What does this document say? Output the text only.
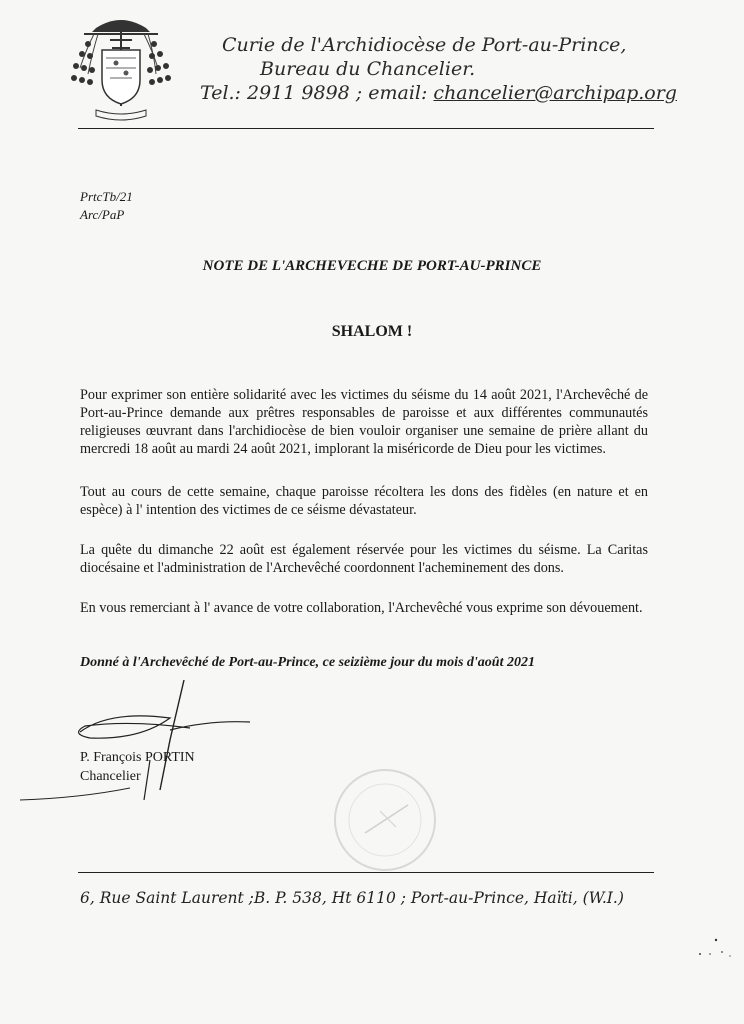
Curie de l'Archidiocèse de Port-au-Prince,
Bureau du Chancelier.
Tel.: 2911 9898 ; email: chancelier@archipap.org
PrtcTb/21
Arc/PaP
NOTE DE L'ARCHEVECHE DE PORT-AU-PRINCE
SHALOM !
Pour exprimer son entière solidarité avec les victimes du séisme du 14 août 2021, l'Archevêché de Port-au-Prince demande aux prêtres responsables de paroisse et aux différentes communautés religieuses œuvrant dans l'archidiocèse de bien vouloir organiser une semaine de prière allant du mercredi 18 août au mardi 24 août 2021, implorant la miséricorde de Dieu pour les victimes.
Tout au cours de cette semaine, chaque paroisse récoltera les dons des fidèles (en nature et en espèce) à l' intention des victimes de ce séisme dévastateur.
La quête du dimanche 22 août est également réservée pour les victimes du séisme. La Caritas diocésaine et l'administration de l'Archevêché coordonnent l'acheminement des dons.
En vous remerciant à l' avance de votre collaboration, l'Archevêché vous exprime son dévouement.
Donné à l'Archevêché de Port-au-Prince, ce seizième jour du mois d'août 2021
P. François PORTIN
Chancelier
6, Rue Saint Laurent ;B. P. 538, Ht 6110 ; Port-au-Prince, Haïti, (W.I.)
